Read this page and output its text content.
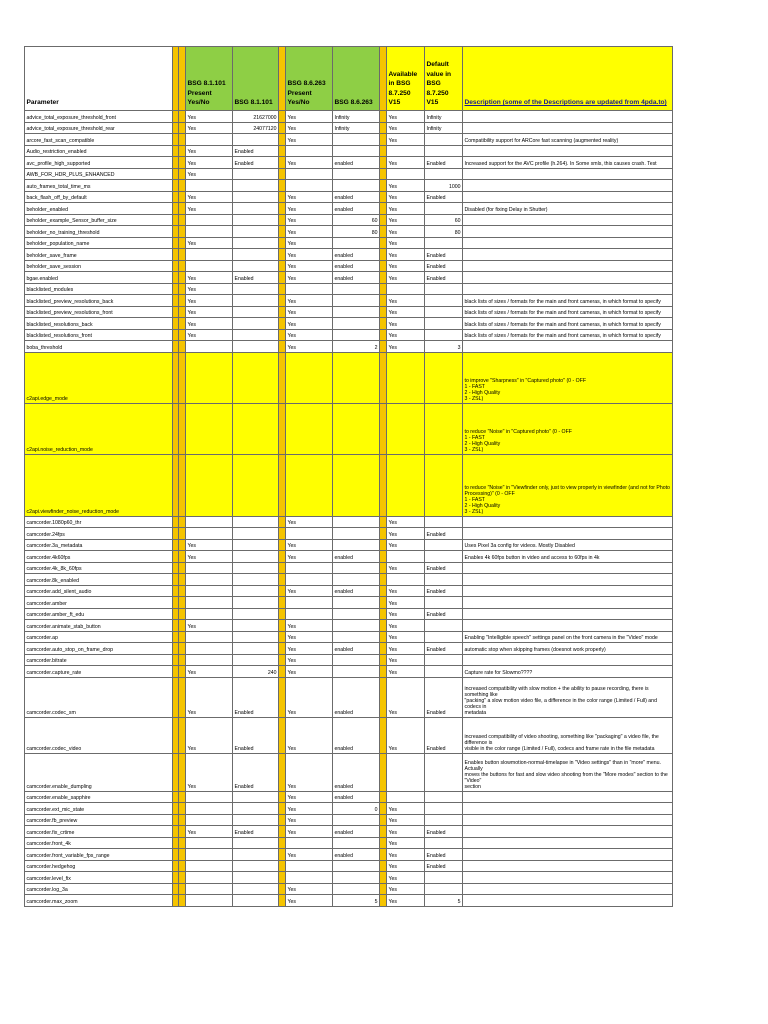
Parameter			BSG 8.1.101 Present Yes/No	BSG 8.1.101		BSG 8.6.263 Present Yes/No	BSG 8.6.263		Available in BSG 8.7.250 V15	Default value in BSG 8.7.250 V15	Description (some of the Descriptions are updated from 4pda.to)
advice_total_exposure_threshold_front			Yes	21627000		Yes	Infinity		Yes	Infinity	
advice_total_exposure_threshold_rear			Yes	24077120		Yes	Infinity		Yes	Infinity	
arcore_fast_scan_compatible						Yes			Yes		Compatibility support for ARCore fast scanning (augmented reality)
Audio_restriction_enabled			Yes	Enabled							
avc_profile_high_supported			Yes	Enabled		Yes	enabled		Yes	Enabled	Increased support for the AVC profile (h.264). In Some xmls, this causes crash. Test
AWB_FOR_HDR_PLUS_ENHANCED			Yes								
auto_frames_total_time_ms									Yes	1000	
back_flash_off_by_default			Yes			Yes	enabled		Yes	Enabled	
beholder_enabled			Yes			Yes	enabled		Yes		Disabled (for fixing Delay in Shutter)
beholder_example_Sensor_buffer_size						Yes	60		Yes	60	
beholder_no_training_threshold						Yes	80		Yes	80	
beholder_population_name			Yes			Yes			Yes		
beholder_save_frame						Yes	enabled		Yes	Enabled	
beholder_save_session						Yes	enabled		Yes	Enabled	
bgae.enabled			Yes	Enabled		Yes	enabled		Yes	Enabled	
blacklisted_modules			Yes								
blacklisted_preview_resolutions_back			Yes			Yes			Yes		black lists of sizes / formats for the main and front cameras, in which format to specify
blacklisted_preview_resolutions_front			Yes			Yes			Yes		black lists of sizes / formats for the main and front cameras, in which format to specify
blacklisted_resolutions_back			Yes			Yes			Yes		black lists of sizes / formats for the main and front cameras, in which format to specify
blacklisted_resolutions_front			Yes			Yes			Yes		black lists of sizes / formats for the main and front cameras, in which format to specify
boba_threshold						Yes	2		Yes	3	
c2api.edge_mode											to improve "Sharpness" in "Captured photo" (0 - OFF
1 - FAST
2 - High Quality
3 - ZSL)

c2api.noise_reduction_mode											to reduce "Noise" in "Captured photo" (0 - OFF
1 - FAST
2 - High Quality
3 - ZSL)

c2api.viewfinder_noise_reduction_mode											to reduce "Noise" in "Viewfinder only, just to view properly in viewfinder (and not for Photo Processing)" (0 - OFF
1 - FAST
2 - High Quality
3 - ZSL)

camcorder.1080p60_thr						Yes			Yes		
camcorder.24fps									Yes	Enabled	
camcorder.3a_metadata			Yes			Yes			Yes		Uses Pixel 3a config for videos. Mostly Disabled
camcorder.4k60fps			Yes			Yes	enabled				Enables 4k 60fps button in video and access to 60fps in 4k
camcorder.4k_8k_60fps									Yes	Enabled	
camcorder.8k_enabled											
camcorder.add_silent_audio						Yes	enabled		Yes	Enabled	
camcorder.amber									Yes		
camcorder.amber_ft_edu									Yes	Enabled	
camcorder.animate_stab_button			Yes			Yes			Yes		
camcorder.ap						Yes			Yes		Enabling "Intelligible speech" settings panel on the front camera in the "Video" mode
camcorder.auto_stop_on_frame_drop						Yes	enabled		Yes	Enabled	automatic stop when skipping frames (doesnot work properly)
camcorder.bitrate						Yes			Yes		
camcorder.capture_rate			Yes	240		Yes			Yes		Capture rate for Slowmo????
camcorder.codec_sm			Yes	Enabled		Yes	enabled		Yes	Enabled	increased compatibility with slow motion + the ability to pause recording, there is something like
"packing" a slow motion video file, a difference in the color range (Limited / Full) and codecs in
metadata

camcorder.codec_video			Yes	Enabled		Yes	enabled		Yes	Enabled	increased compatibility of video shooting, something like "packaging" a video file, the difference is
visible in the color range (Limited / Full), codecs and frame rate in the file metadata

camcorder.enable_dumpling			Yes	Enabled		Yes	enabled				Enables button slowmotion-normal-timelapse in "Video settings" than in "more" menu. Actually
moves the buttons for fast and slow video shooting from the "More modes" section to the "Video"
section

camcorder.enable_sapphire						Yes	enabled				
camcorder.ext_mic_state						Yes	0		Yes		
camcorder.fb_preview						Yes			Yes		
camcorder.fix_crtime			Yes	Enabled		Yes	enabled		Yes	Enabled	
camcorder.front_4k									Yes		
camcorder.front_variable_fps_range						Yes	enabled		Yes	Enabled	
camcorder.hedgehog									Yes	Enabled	
camcorder.level_fix									Yes		
camcorder.log_3a						Yes			Yes		
camcorder.max_zoom						Yes	5		Yes	5	
